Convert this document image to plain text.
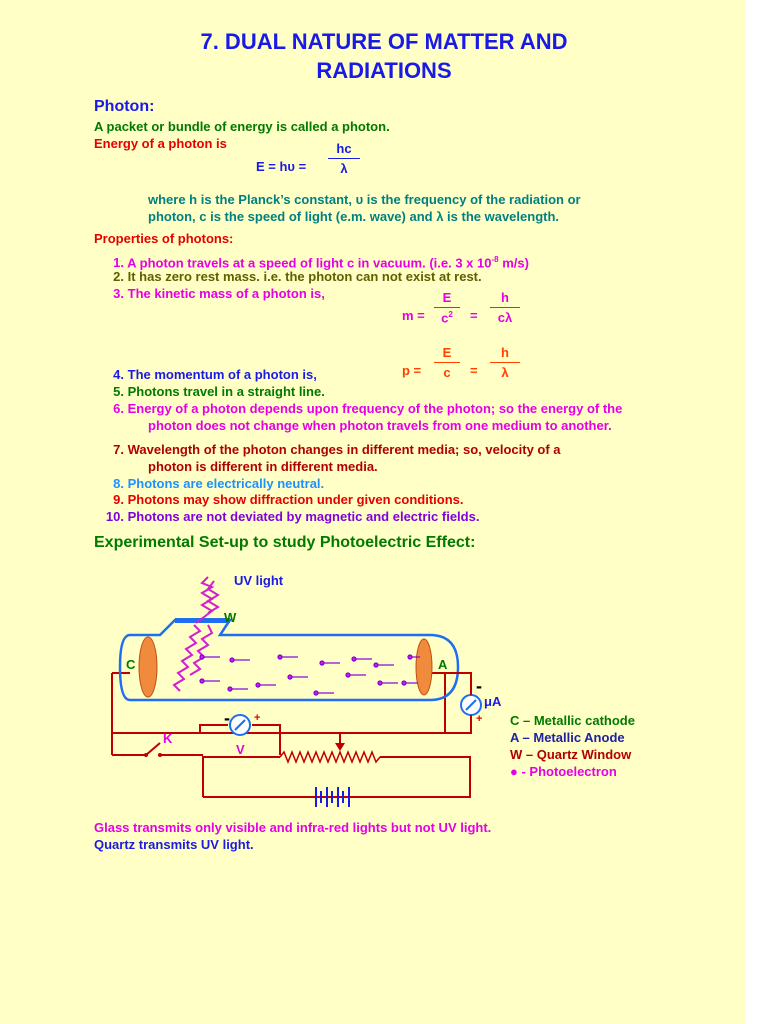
7. DUAL NATURE OF MATTER AND
RADIATIONS
Photon:
A packet or bundle of energy is called a photon.
Energy of a photon is
E = hυ =
hc
λ
where h is the Planck’s constant, υ is the frequency of the radiation or
photon, c is the speed of light (e.m. wave) and λ is the wavelength.
Properties of photons:
1. A photon travels at a speed of light c in vacuum. (i.e. 3 x $10^{-8}$ m/s)
2. It has zero rest mass. i.e. the photon can not exist at rest.
3. The kinetic mass of a photon is,
m =
E
$c^2$	=
h
cλ
p =
E
c	=
h
λ
4. The momentum of a photon is,
5. Photons travel in a straight line.
6. Energy of a photon depends upon frequency of the photon; so the energy of the
photon does not change when photon travels from one medium to another.
7. Wavelength of the photon changes in different media; so, velocity of a
photon is different in different media.
8. Photons are electrically neutral.
9. Photons may show diffraction under given conditions.
10. Photons are not deviated by magnetic and electric fields.
Experimental Set-up to study Photoelectric Effect:
UV light
W
C	A
μA
-
+
- +
K
V
C – Metallic cathode
A – Metallic Anode
W – Quartz Window
● - Photoelectron
Glass transmits only visible and infra-red lights but not UV light.
Quartz transmits UV light.
